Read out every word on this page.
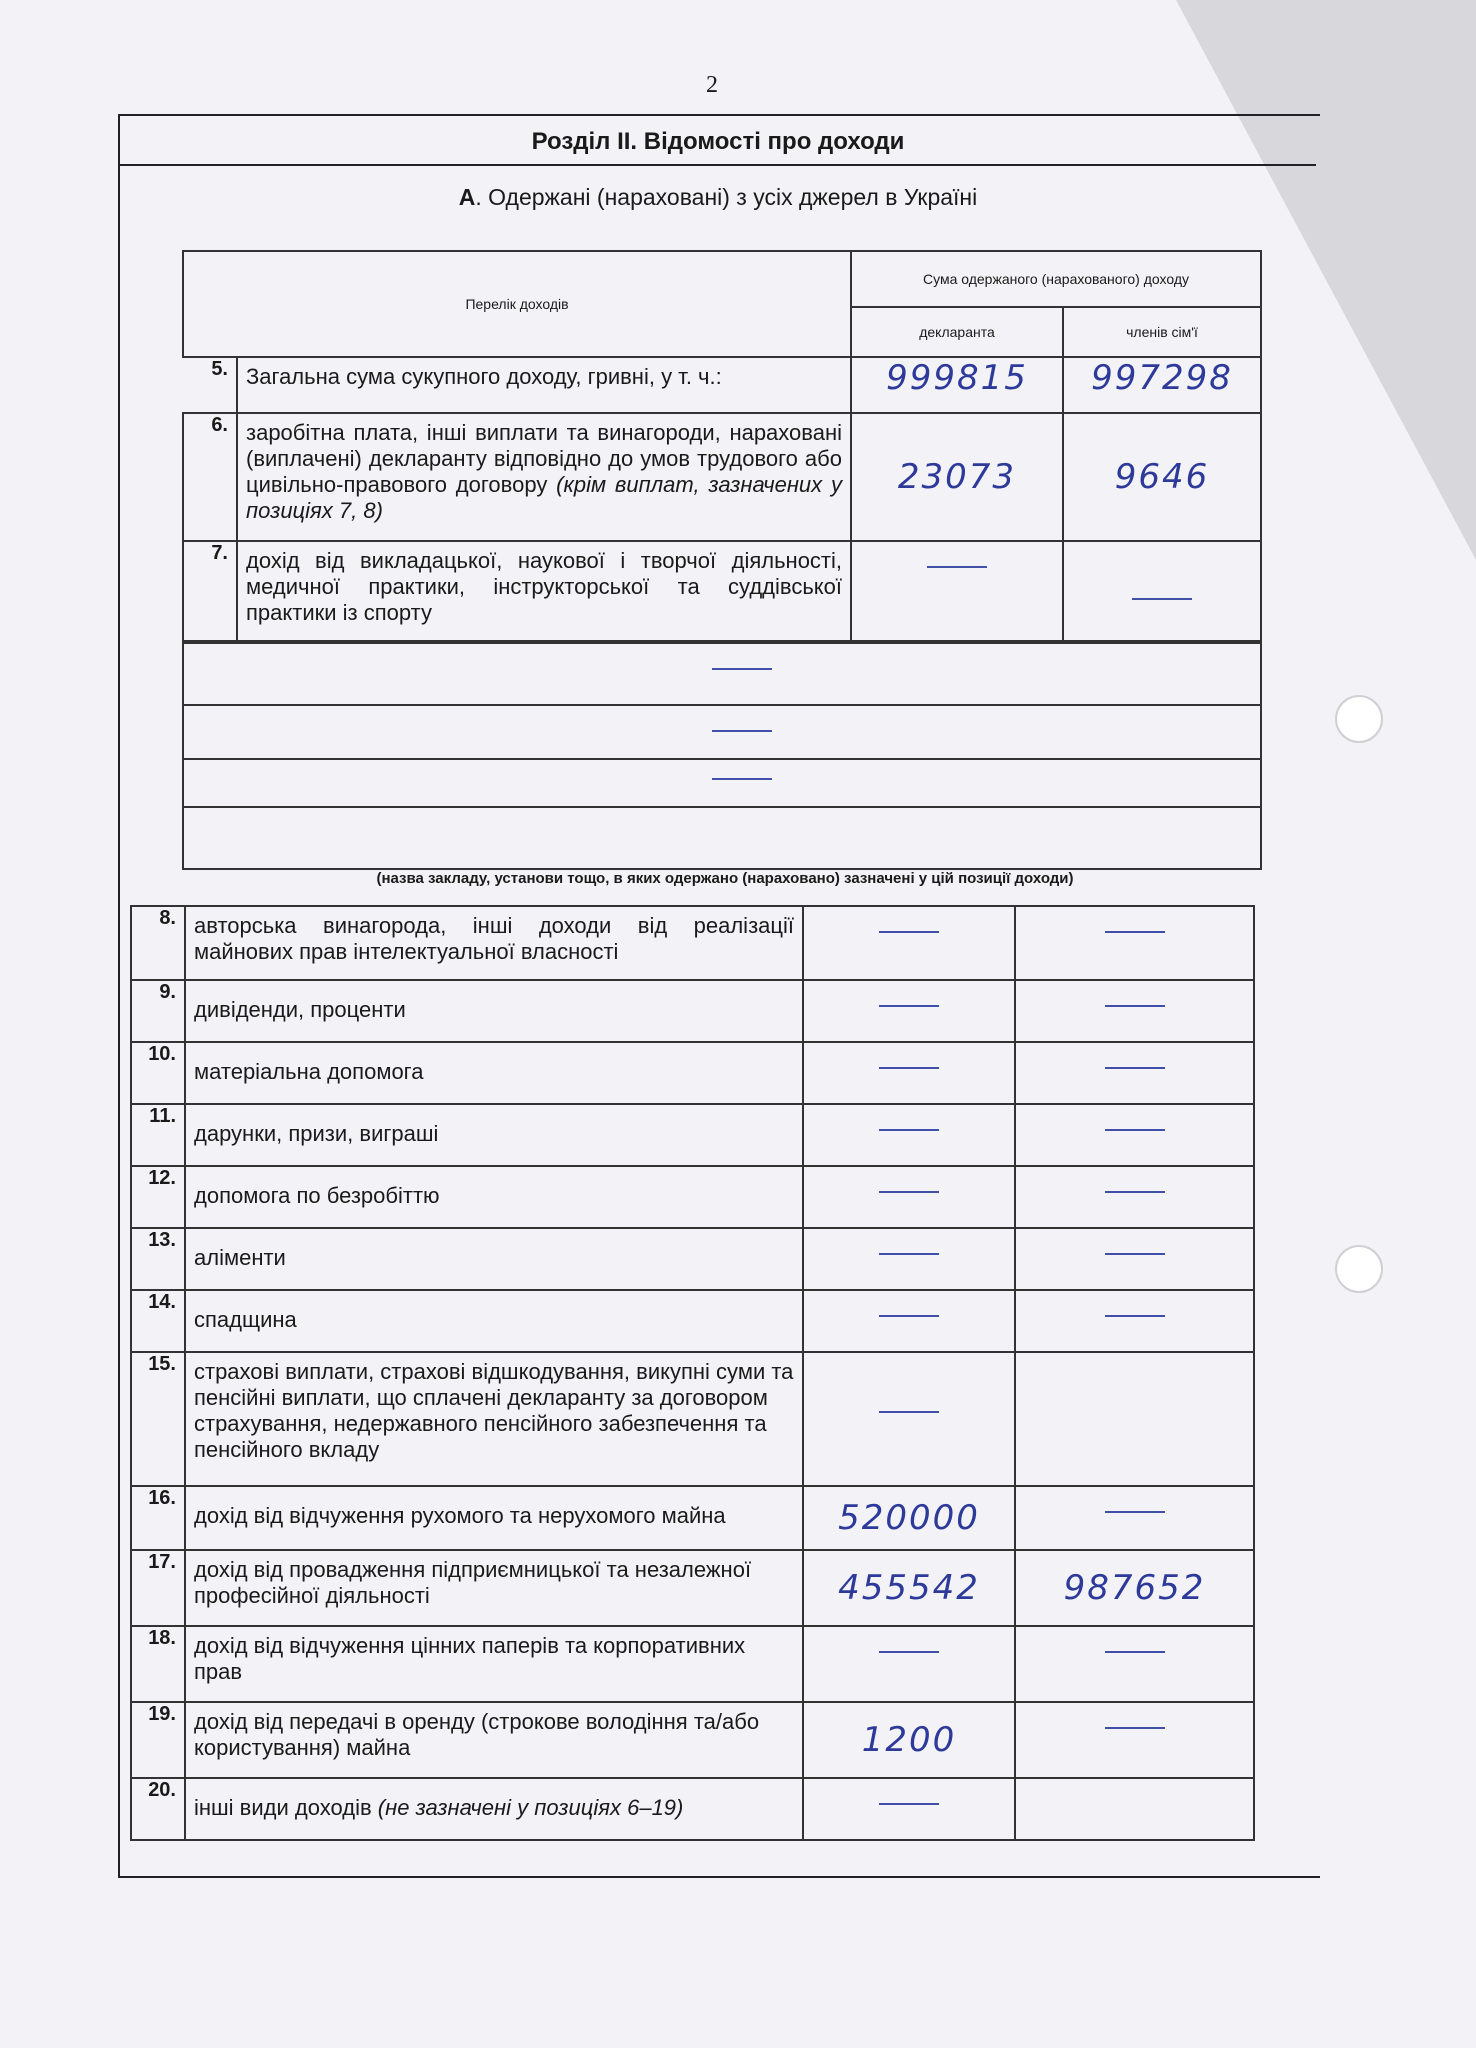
2
Розділ ІІ. Відомості про доходи
А. Одержані (нараховані) з усіх джерел в Україні
Перелік доходів		Сума одержаного (нарахованого) доходу	
		декларанта	членів сім'ї
5.	Загальна сума сукупного доходу, гривні, у т. ч.:	999815	997298
6.	заробітна плата, інші виплати та винагороди, нараховані (виплачені) декларанту відповідно до умов трудового або цивільно-правового договору (крім виплат, зазначених у позиціях 7, 8)	23073	9646
7.	дохід від викладацької, наукової і творчої діяльності, медичної практики, інструкторської та суддівської практики із спорту		

(назва закладу, установи тощо, в яких одержано (нараховано) зазначені у цій позиції доходи)
8.	авторська винагорода, інші доходи від реалізації майнових прав інтелектуальної власності		
9.	дивіденди, проценти		
10.	матеріальна допомога		
11.	дарунки, призи, виграші		
12.	допомога по безробіттю		
13.	аліменти		
14.	спадщина		
15.	страхові виплати, страхові відшкодування, викупні суми та пенсійні виплати, що сплачені декларанту за договором страхування, недержавного пенсійного забезпечення та пенсійного вкладу		
16.	дохід від відчуження рухомого та нерухомого майна	520000	
17.	дохід від провадження підприємницької та незалежної професійної діяльності	455542	987652
18.	дохід від відчуження цінних паперів та корпоративних прав		
19.	дохід від передачі в оренду (строкове володіння та/або користування) майна	1200	
20.	інші види доходів (не зазначені у позиціях 6–19)		
